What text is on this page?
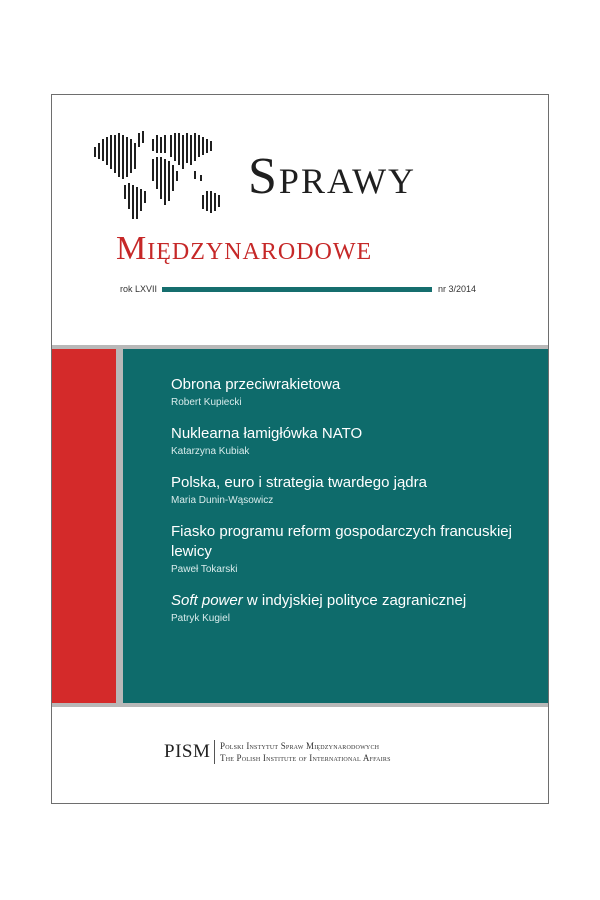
Sprawy
Międzynarodowe
rok LXVII	nr 3/2014
Obrona przeciwrakietowa
Robert Kupiecki
Nuklearna łamigłówka NATO
Katarzyna Kubiak
Polska, euro i strategia twardego jądra
Maria Dunin-Wąsowicz
Fiasko programu reform gospodarczych francuskiej lewicy
Paweł Tokarski
Soft power w indyjskiej polityce zagranicznej
Patryk Kugiel
PISM Polski Instytut Spraw Międzynarodowych
The Polish Institute of International Affairs
